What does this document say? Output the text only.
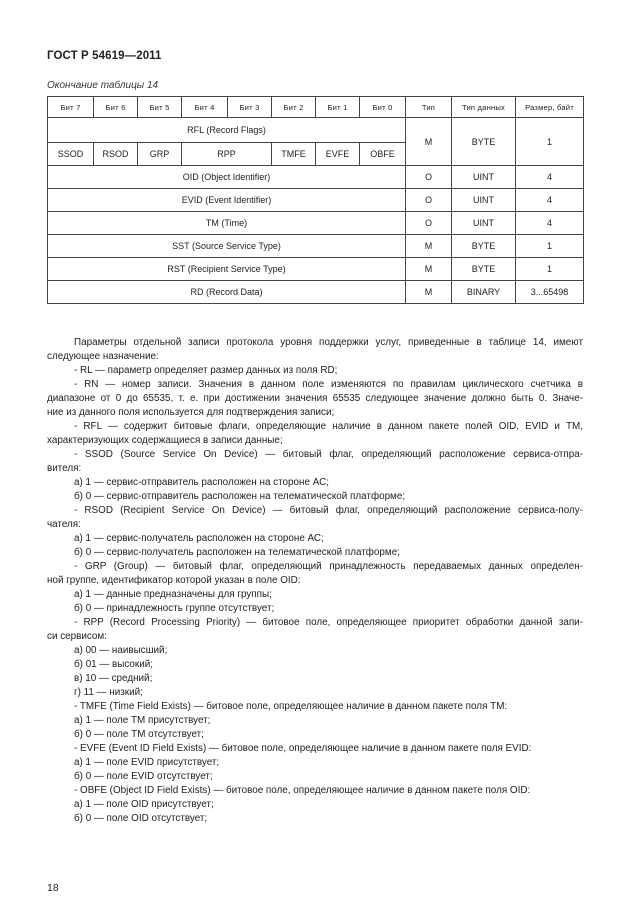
ГОСТ Р 54619—2011
Окончание таблицы 14
Бит 7	Бит 6	Бит 5	Бит 4	Бит 3	Бит 2	Бит 1	Бит 0	Тип	Тип данных	Размер, байт
RFL (Record Flags)								M	BYTE	1
SSOD	RSOD	GRP	RPP		TMFE	EVFE	OBFE			
OID (Object Identifier)								O	UINT	4
EVID (Event Identifier)								O	UINT	4
TM (Time)								O	UINT	4
SST (Source Service Type)								M	BYTE	1
RST (Recipient Service Type)								M	BYTE	1
RD (Record Data)								M	BINARY	3...65498

Параметры отдельной записи протокола уровня поддержки услуг, приведенные в таблице 14, имеют

следующее назначение:

- RL — параметр определяет размер данных из поля RD;

- RN — номер записи. Значения в данном поле изменяются по правилам циклического счетчика в

диапазоне от 0 до 65535, т. е. при достижении значения 65535 следующее значение должно быть 0. Значе-

ние из данного поля используется для подтверждения записи;

- RFL — содержит битовые флаги, определяющие наличие в данном пакете полей OID, EVID и TM,

характеризующих содержащиеся в записи данные;

- SSOD (Source Service On Device) — битовый флаг, определяющий расположение сервиса-отпра-

вителя:

а) 1 — сервис-отправитель расположен на стороне АС;

б) 0 — сервис-отправитель расположен на телематической платформе;

- RSOD (Recipient Service On Device) — битовый флаг, определяющий расположение сервиса-полу-

чателя:

а) 1 — сервис-получатель расположен на стороне АС;

б) 0 — сервис-получатель расположен на телематической платформе;

- GRP (Group) — битовый флаг, определяющий принадлежность передаваемых данных определен-

ной группе, идентификатор которой указан в поле OID:

а) 1 — данные предназначены для группы;

б) 0 — принадлежность группе отсутствует;

- RPP (Record Processing Priority) — битовое поле, определяющее приоритет обработки данной запи-

си сервисом:

а) 00 — наивысший;

б) 01 — высокий;

в) 10 — средний;

г) 11 — низкий;

- TMFE (Time Field Exists) — битовое поле, определяющее наличие в данном пакете поля TM:

а) 1 — поле TM присутствует;

б) 0 — поле TM отсутствует;

- EVFE (Event ID Field Exists) — битовое поле, определяющее наличие в данном пакете поля EVID:

а) 1 — поле EVID присутствует;

б) 0 — поле EVID отсутствует;

- OBFE (Object ID Field Exists) — битовое поле, определяющее наличие в данном пакете поля OID:

а) 1 — поле OID присутствует;

б) 0 — поле OID отсутствует;

18
